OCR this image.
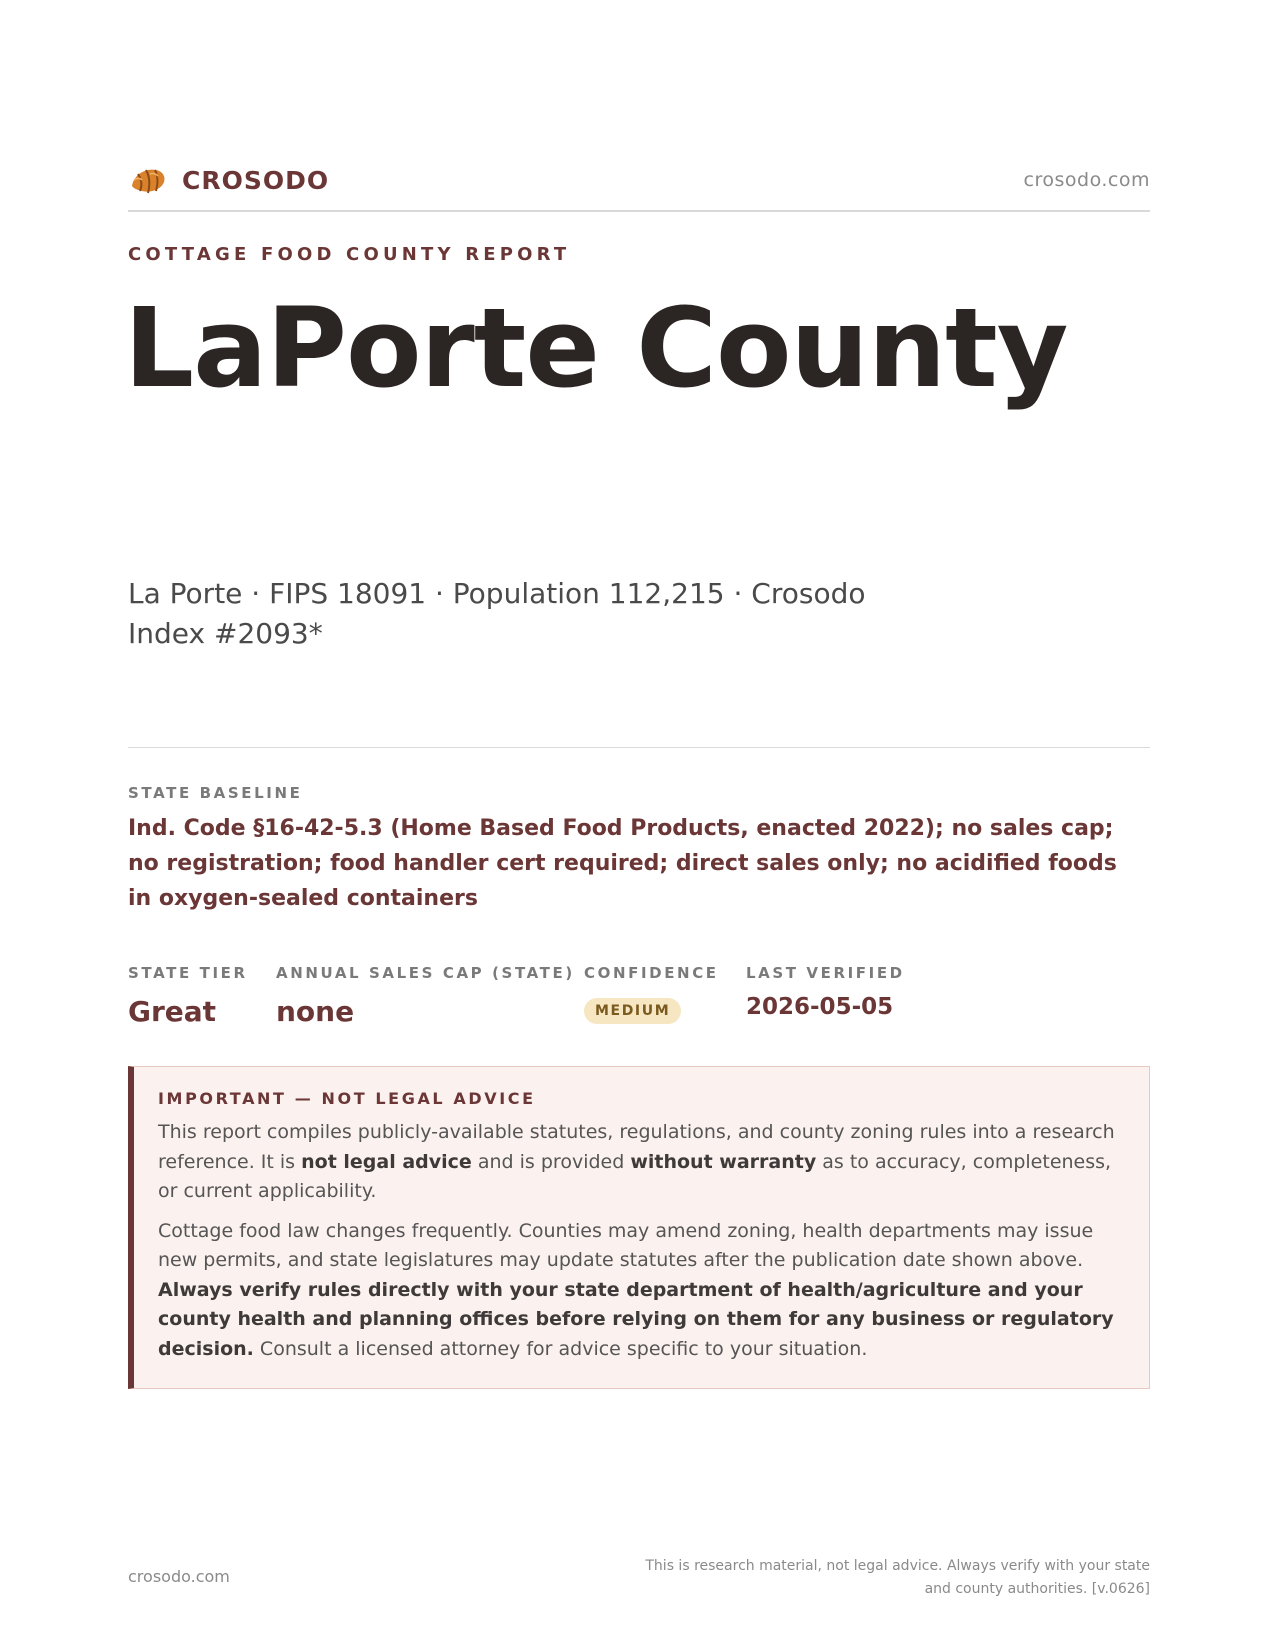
CROSODO	crosodo.com
COTTAGE FOOD COUNTY REPORT
LaPorte County
La Porte · FIPS 18091 · Population 112,215 · Crosodo Index #2093*
STATE BASELINE
Ind. Code §16-42-5.3 (Home Based Food Products, enacted 2022); no sales cap; no registration; food handler cert required; direct sales only; no acidified foods in oxygen-sealed containers
STATE TIER
Great
ANNUAL SALES CAP (STATE)
none
CONFIDENCE
MEDIUM
LAST VERIFIED
2026-05-05
IMPORTANT — NOT LEGAL ADVICE

This report compiles publicly-available statutes, regulations, and county zoning rules into a research reference. It is not legal advice and is provided without warranty as to accuracy, completeness, or current applicability.

Cottage food law changes frequently. Counties may amend zoning, health departments may issue new permits, and state legislatures may update statutes after the publication date shown above. Always verify rules directly with your state department of health/agriculture and your county health and planning offices before relying on them for any business or regulatory decision. Consult a licensed attorney for advice specific to your situation.

crosodo.com
This is research material, not legal advice. Always verify with your state and county authorities. [v.0626]
